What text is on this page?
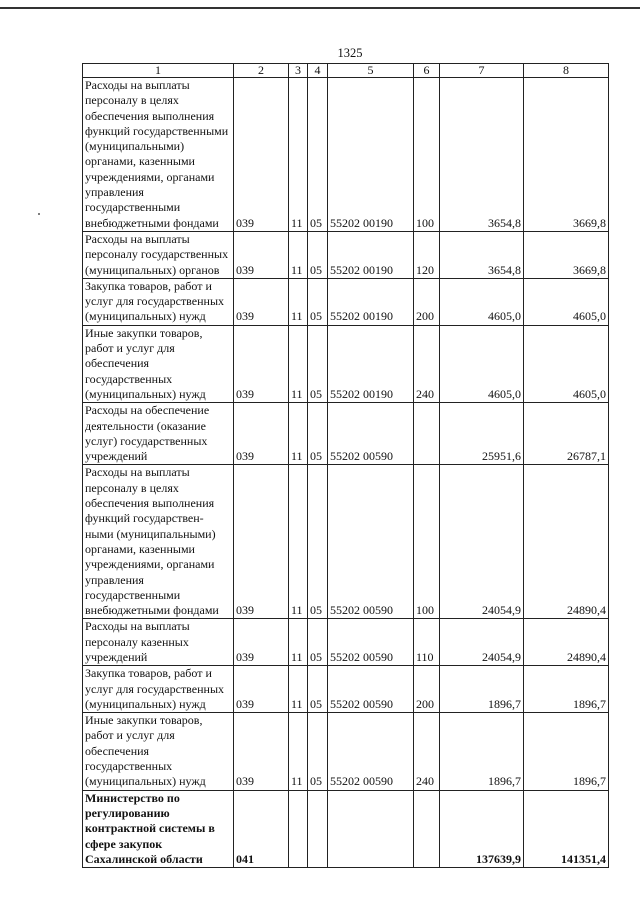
1325
1	2	3	4	5	6	7	8
Расходы на выплаты персоналу в целях обеспечения выполнения функций государственными (муниципальными) органами, казенными учреждениями, органами управления государственными внебюджетными фондами	039	11	05	55202 00190	100	3654,8	3669,8
Расходы на выплаты персоналу государственных (муниципальных) органов	039	11	05	55202 00190	120	3654,8	3669,8
Закупка товаров, работ и услуг для государственных (муниципальных) нужд	039	11	05	55202 00190	200	4605,0	4605,0
Иные закупки товаров, работ и услуг для обеспечения государственных (муниципальных) нужд	039	11	05	55202 00190	240	4605,0	4605,0
Расходы на обеспечение деятельности (оказание услуг) государственных учреждений	039	11	05	55202 00590		25951,6	26787,1
Расходы на выплаты персоналу в целях обеспечения выполнения функций государствен-ными (муниципальными) органами, казенными учреждениями, органами управления государственными внебюджетными фондами	039	11	05	55202 00590	100	24054,9	24890,4
Расходы на выплаты персоналу казенных учреждений	039	11	05	55202 00590	110	24054,9	24890,4
Закупка товаров, работ и услуг для государственных (муниципальных) нужд	039	11	05	55202 00590	200	1896,7	1896,7
Иные закупки товаров, работ и услуг для обеспечения государственных (муниципальных) нужд	039	11	05	55202 00590	240	1896,7	1896,7
Министерство по регулированию контрактной системы в сфере закупок Сахалинской области	041					137639,9	141351,4
